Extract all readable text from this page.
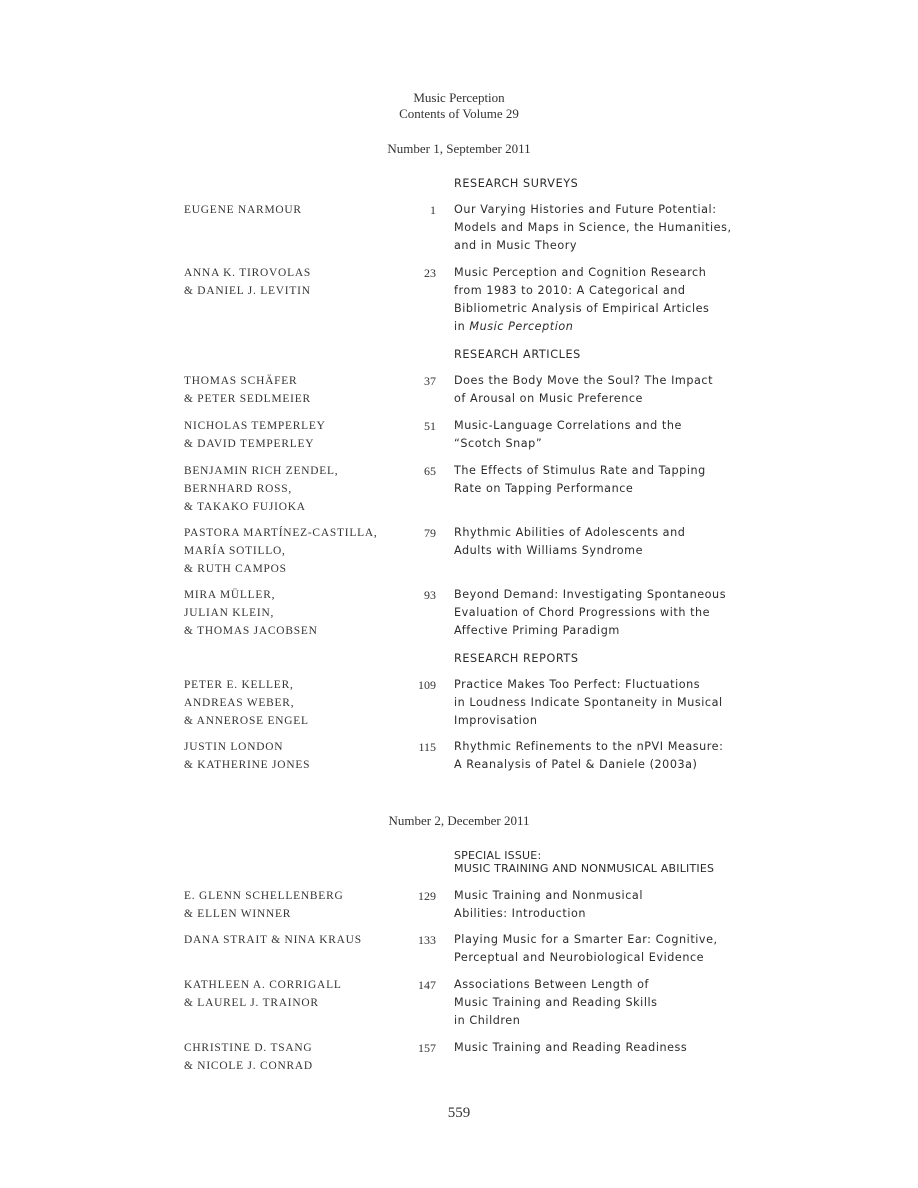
Music Perception
Contents of Volume 29
Number 1, September 2011
RESEARCH SURVEYS
EUGENE NARMOUR	1 Our Varying Histories and Future Potential:
Models and Maps in Science, the Humanities,
and in Music Theory
ANNA K. TIROVOLAS
& DANIEL J. LEVITIN
23 Music Perception and Cognition Research
from 1983 to 2010: A Categorical and
Bibliometric Analysis of Empirical Articles
in Music Perception
RESEARCH ARTICLES
THOMAS SCHÄFER
& PETER SEDLMEIER
37 Does the Body Move the Soul? The Impact
of Arousal on Music Preference
NICHOLAS TEMPERLEY
& DAVID TEMPERLEY
51 Music-Language Correlations and the
“Scotch Snap”
BENJAMIN RICH ZENDEL,
BERNHARD ROSS,
& TAKAKO FUJIOKA
65 The Effects of Stimulus Rate and Tapping
Rate on Tapping Performance
PASTORA MARTÍNEZ-CASTILLA,
MARÍA SOTILLO,
& RUTH CAMPOS
79 Rhythmic Abilities of Adolescents and
Adults with Williams Syndrome
MIRA MÜLLER,
JULIAN KLEIN,
& THOMAS JACOBSEN
93 Beyond Demand: Investigating Spontaneous
Evaluation of Chord Progressions with the
Affective Priming Paradigm
RESEARCH REPORTS
PETER E. KELLER,
ANDREAS WEBER,
& ANNEROSE ENGEL
109 Practice Makes Too Perfect: Fluctuations
in Loudness Indicate Spontaneity in Musical
Improvisation
JUSTIN LONDON
& KATHERINE JONES
115 Rhythmic Refinements to the nPVI Measure:
A Reanalysis of Patel & Daniele (2003a)
Number 2, December 2011
SPECIAL ISSUE:
MUSIC TRAINING AND NONMUSICAL ABILITIES
E. GLENN SCHELLENBERG
& ELLEN WINNER
129 Music Training and Nonmusical
Abilities: Introduction
DANA STRAIT & NINA KRAUS	133 Playing Music for a Smarter Ear: Cognitive,
Perceptual and Neurobiological Evidence
KATHLEEN A. CORRIGALL
& LAUREL J. TRAINOR
147 Associations Between Length of
Music Training and Reading Skills
in Children
CHRISTINE D. TSANG
& NICOLE J. CONRAD
157 Music Training and Reading Readiness
559
